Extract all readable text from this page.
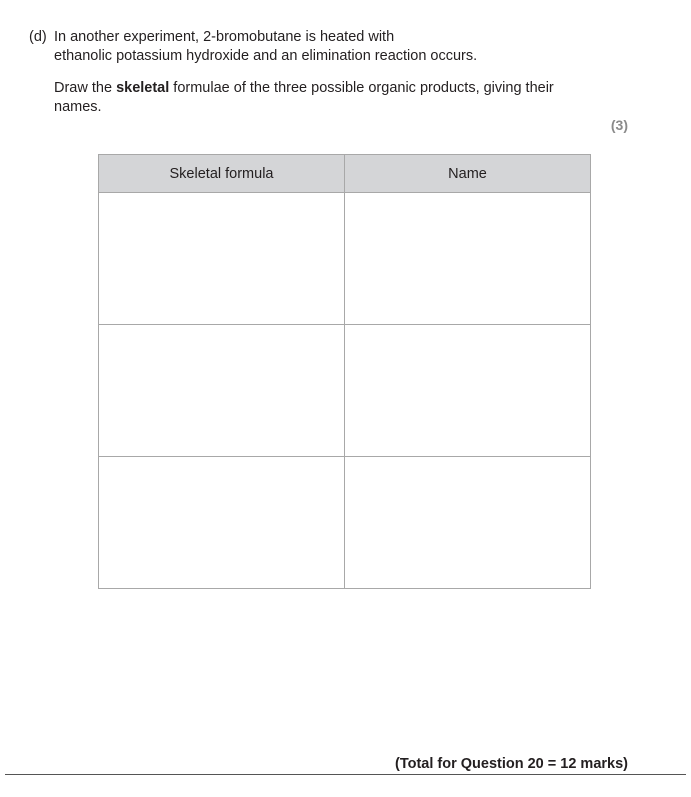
(d) In another experiment, 2-bromobutane is heated with
ethanolic potassium hydroxide and an elimination reaction occurs.
Draw the skeletal formulae of the three possible organic products, giving their names.
(3)
Skeletal formula	Name

(Total for Question 20 = 12 marks)
